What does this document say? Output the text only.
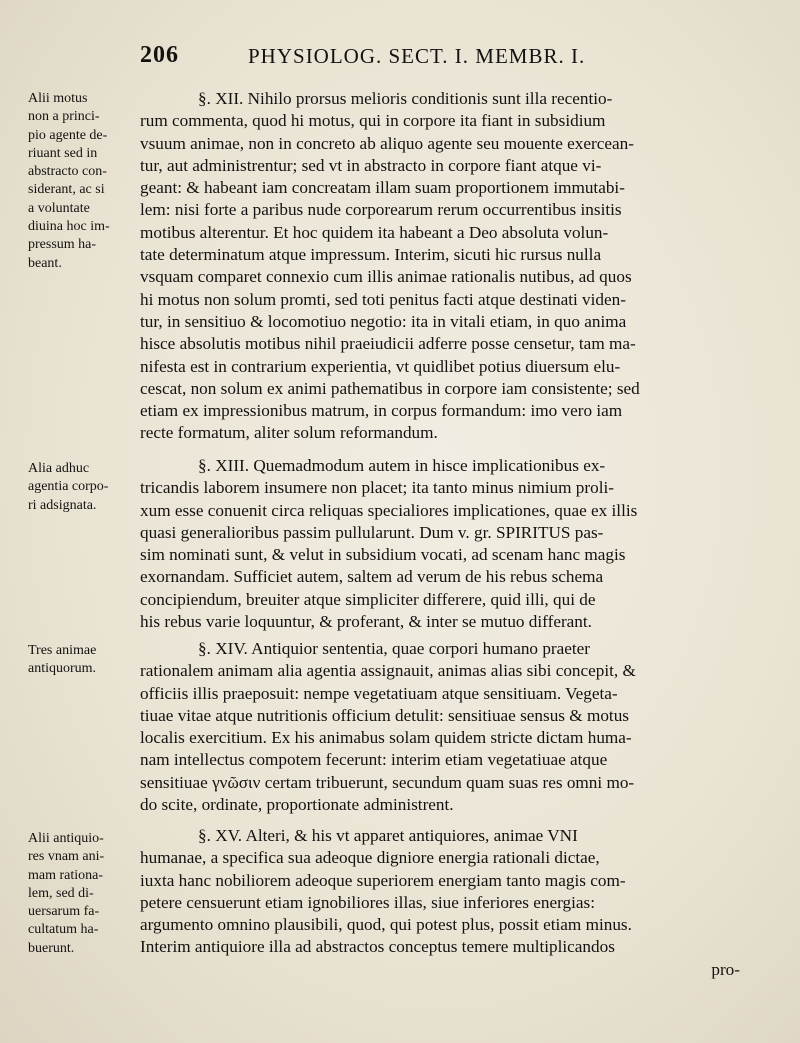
206	PHYSIOLOG. SECT. I. MEMBR. I.
Alii motus
non a princi-
pio agente de-
riuant sed in
abstracto con-
siderant, ac si
a voluntate
diuina hoc im-
pressum ha-
beant.
Alia adhuc
agentia corpo-
ri adsignata.
Tres animae
antiquorum.
Alii antiquio-
res vnam ani-
mam rationa-
lem, sed di-
uersarum fa-
cultatum ha-
buerunt.
§. XII. Nihilo prorsus melioris conditionis sunt illa recentio-
rum commenta, quod hi motus, qui in corpore ita fiant in subsidium
vsuum animae, non in concreto ab aliquo agente seu mouente exercean-
tur, aut administrentur; sed vt in abstracto in corpore fiant atque vi-
geant: & habeant iam concreatam illam suam proportionem immutabi-
lem: nisi forte a paribus nude corporearum rerum occurrentibus insitis
motibus alterentur. Et hoc quidem ita habeant a Deo absoluta volun-
tate determinatum atque impressum. Interim, sicuti hic rursus nulla
vsquam comparet connexio cum illis animae rationalis nutibus, ad quos
hi motus non solum promti, sed toti penitus facti atque destinati viden-
tur, in sensitiuo & locomotiuo negotio: ita in vitali etiam, in quo anima
hisce absolutis motibus nihil praeiudicii adferre posse censetur, tam ma-
nifesta est in contrarium experientia, vt quidlibet potius diuersum elu-
cescat, non solum ex animi pathematibus in corpore iam consistente; sed
etiam ex impressionibus matrum, in corpus formandum: imo vero iam
recte formatum, aliter solum reformandum.
§. XIII. Quemadmodum autem in hisce implicationibus ex-
tricandis laborem insumere non placet; ita tanto minus nimium proli-
xum esse conuenit circa reliquas specialiores implicationes, quae ex illis
quasi generalioribus passim pullularunt. Dum v. gr. SPIRITUS pas-
sim nominati sunt, & velut in subsidium vocati, ad scenam hanc magis
exornandam. Sufficiet autem, saltem ad verum de his rebus schema
concipiendum, breuiter atque simpliciter differere, quid illi, qui de
his rebus varie loquuntur, & proferant, & inter se mutuo differant.
§. XIV. Antiquior sententia, quae corpori humano praeter
rationalem animam alia agentia assignauit, animas alias sibi concepit, &
officiis illis praeposuit: nempe vegetatiuam atque sensitiuam. Vegeta-
tiuae vitae atque nutritionis officium detulit: sensitiuae sensus & motus
localis exercitium. Ex his animabus solam quidem stricte dictam huma-
nam intellectus compotem fecerunt: interim etiam vegetatiuae atque
sensitiuae γνῶσιν certam tribuerunt, secundum quam suas res omni mo-
do scite, ordinate, proportionate administrent.
§. XV. Alteri, & his vt apparet antiquiores, animae VNI
humanae, a specifica sua adeoque digniore energia rationali dictae,
iuxta hanc nobiliorem adeoque superiorem energiam tanto magis com-
petere censuerunt etiam ignobiliores illas, siue inferiores energias:
argumento omnino plausibili, quod, qui potest plus, possit etiam minus.
Interim antiquiore illa ad abstractos conceptus temere multiplicandos
pro-
